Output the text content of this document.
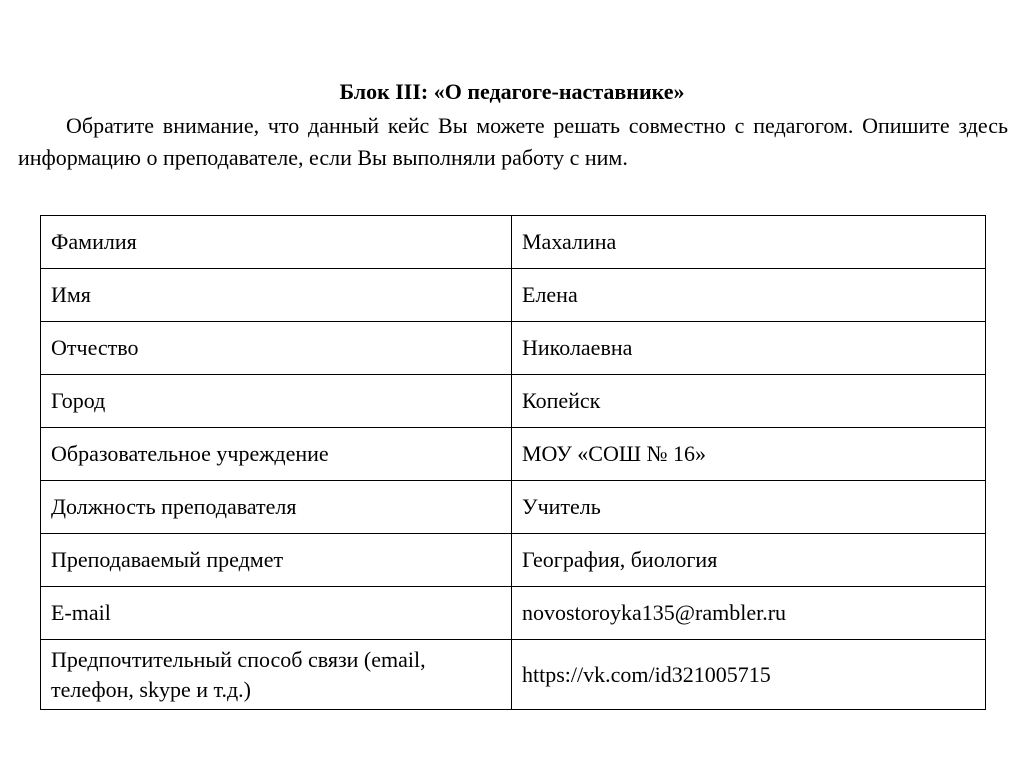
Блок III: «О педагоге-наставнике»
Обратите внимание, что данный кейс Вы можете решать совместно с педагогом. Опишите здесь информацию о преподавателе, если Вы выполняли работу с ним.
Фамилия	Махалина
Имя	Елена
Отчество	Николаевна
Город	Копейск
Образовательное учреждение	МОУ «СОШ № 16»
Должность преподавателя	Учитель
Преподаваемый предмет	География, биология
E-mail	novostoroyka135@rambler.ru
Предпочтительный способ связи (email, телефон, skype и т.д.)	https://vk.com/id321005715
